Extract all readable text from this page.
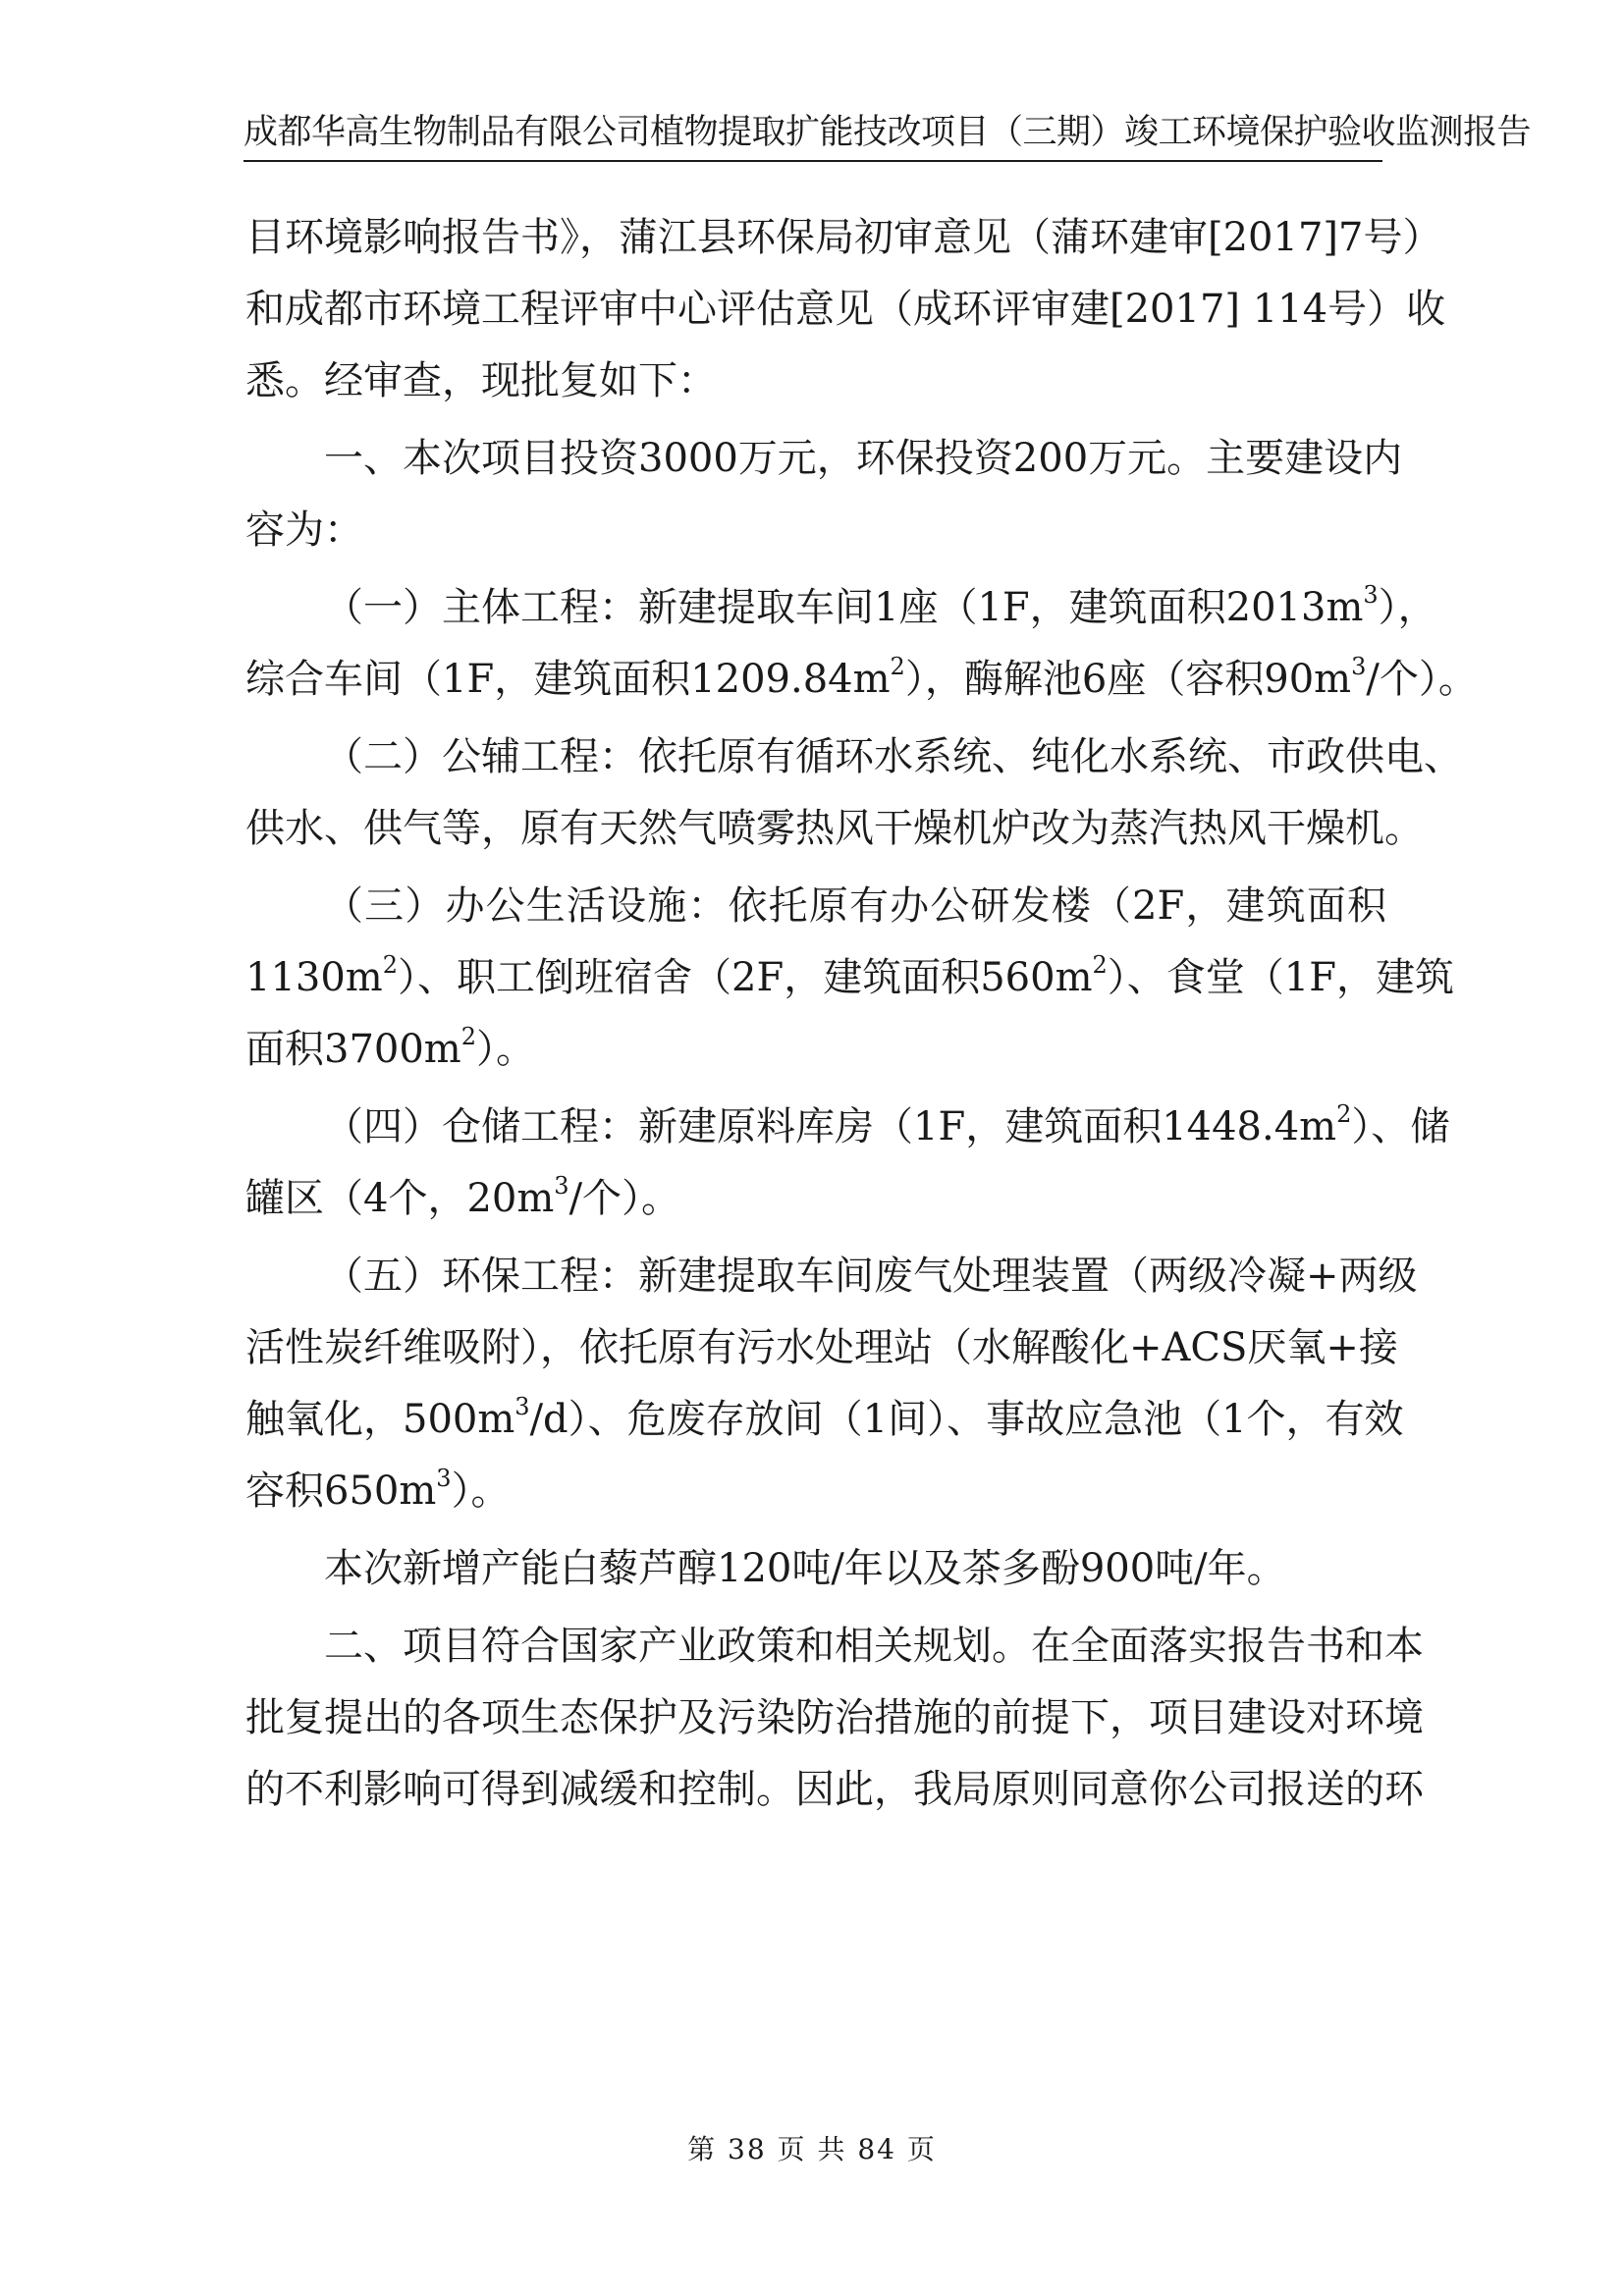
成都华高生物制品有限公司植物提取扩能技改项目（三期）竣工环境保护验收监测报告
目环境影响报告书》，蒲江县环保局初审意见（蒲环建审[2017]7号）
和成都市环境工程评审中心评估意见（成环评审建[2017] 114号）收
悉。经审查，现批复如下：
一、本次项目投资3000万元，环保投资200万元。主要建设内
容为：
（一）主体工程：新建提取车间1座（1F，建筑面积$2013m^3$），
综合车间（1F，建筑面积$1209.84m^2$），酶解池6座（容积$90m^3/$个）。
（二）公辅工程：依托原有循环水系统、纯化水系统、市政供电、
供水、供气等，原有天然气喷雾热风干燥机炉改为蒸汽热风干燥机。
（三）办公生活设施：依托原有办公研发楼（2F，建筑面积
$1130m^2$）、职工倒班宿舍（2F，建筑面积$560m^2$）、食堂（1F，建筑
面积$3700m^2$）。
（四）仓储工程：新建原料库房（1F，建筑面积$1448.4m^2$）、储
罐区（4个，$20m^3/$个）。
（五）环保工程：新建提取车间废气处理装置（两级冷凝+两级
活性炭纤维吸附），依托原有污水处理站（水解酸化+ACS厌氧+接
触氧化，$500m^3/d$）、危废存放间（1间）、事故应急池（1个，有效
容积$650m^3$）。
本次新增产能白藜芦醇120吨/年以及茶多酚900吨/年。
二、项目符合国家产业政策和相关规划。在全面落实报告书和本
批复提出的各项生态保护及污染防治措施的前提下，项目建设对环境
的不利影响可得到减缓和控制。因此，我局原则同意你公司报送的环
第 38 页 共 84 页
